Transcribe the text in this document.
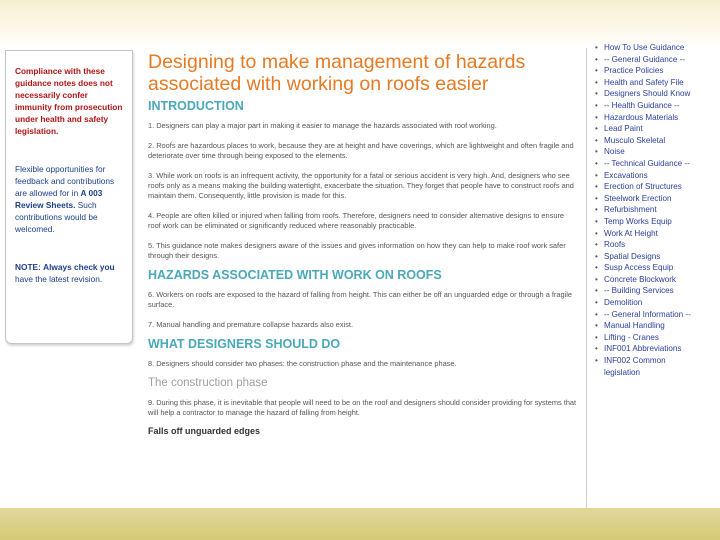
Compliance with these guidance notes does not necessarily confer immunity from prosecution under health and safety legislation.

Flexible opportunities for feedback and contributions are allowed for in A 003 Review Sheets. Such contributions would be welcomed.

NOTE: Always check you have the latest revision.

Designing to make management of hazards associated with working on roofs easier
INTRODUCTION

1. Designers can play a major part in making it easier to manage the hazards associated with roof working.

2. Roofs are hazardous places to work, because they are at height and have coverings, which are lightweight and often fragile and deteriorate over time through being exposed to the elements.

3. While work on roofs is an infrequent activity, the opportunity for a fatal or serious accident is very high. And, designers who see roofs only as a means making the building watertight, exacerbate the situation. They forget that people have to construct roofs and maintain them. Consequently, little provision is made for this.

4. People are often killed or injured when falling from roofs. Therefore, designers need to consider alternative designs to ensure roof work can be eliminated or significantly reduced where reasonably practicable.

5. This guidance note makes designers aware of the issues and gives information on how they can help to make roof work safer through their designs.

HAZARDS ASSOCIATED WITH WORK ON ROOFS

6. Workers on roofs are exposed to the hazard of falling from height. This can either be off an unguarded edge or through a fragile surface.

7. Manual handling and premature collapse hazards also exist.

WHAT DESIGNERS SHOULD DO

8. Designers should consider two phases: the construction phase and the maintenance phase.

The construction phase

9. During this phase, it is inevitable that people will need to be on the roof and designers should consider providing for systems that will help a contractor to manage the hazard of falling from height.

Falls off unguarded edges
• How To Use Guidance
• -- General Guidance --
• Practice Policies
• Health and Safety File
• Designers Should Know
• -- Health Guidance --
• Hazardous Materials
• Lead Paint
• Musculo Skeletal
• Noise
• -- Technical Guidance --
• Excavations
• Erection of Structures
• Steelwork Erection
• Refurbishment
• Temp Works Equip
• Work At Height
• Roofs
• Spatial Designs
• Susp Access Equip
• Concrete Blockwork
• -- Building Services
• Demolition
• -- General Information --
• Manual Handling
• Lifting - Cranes
• INF001 Abbreviations
• INF002 Common
legislation
